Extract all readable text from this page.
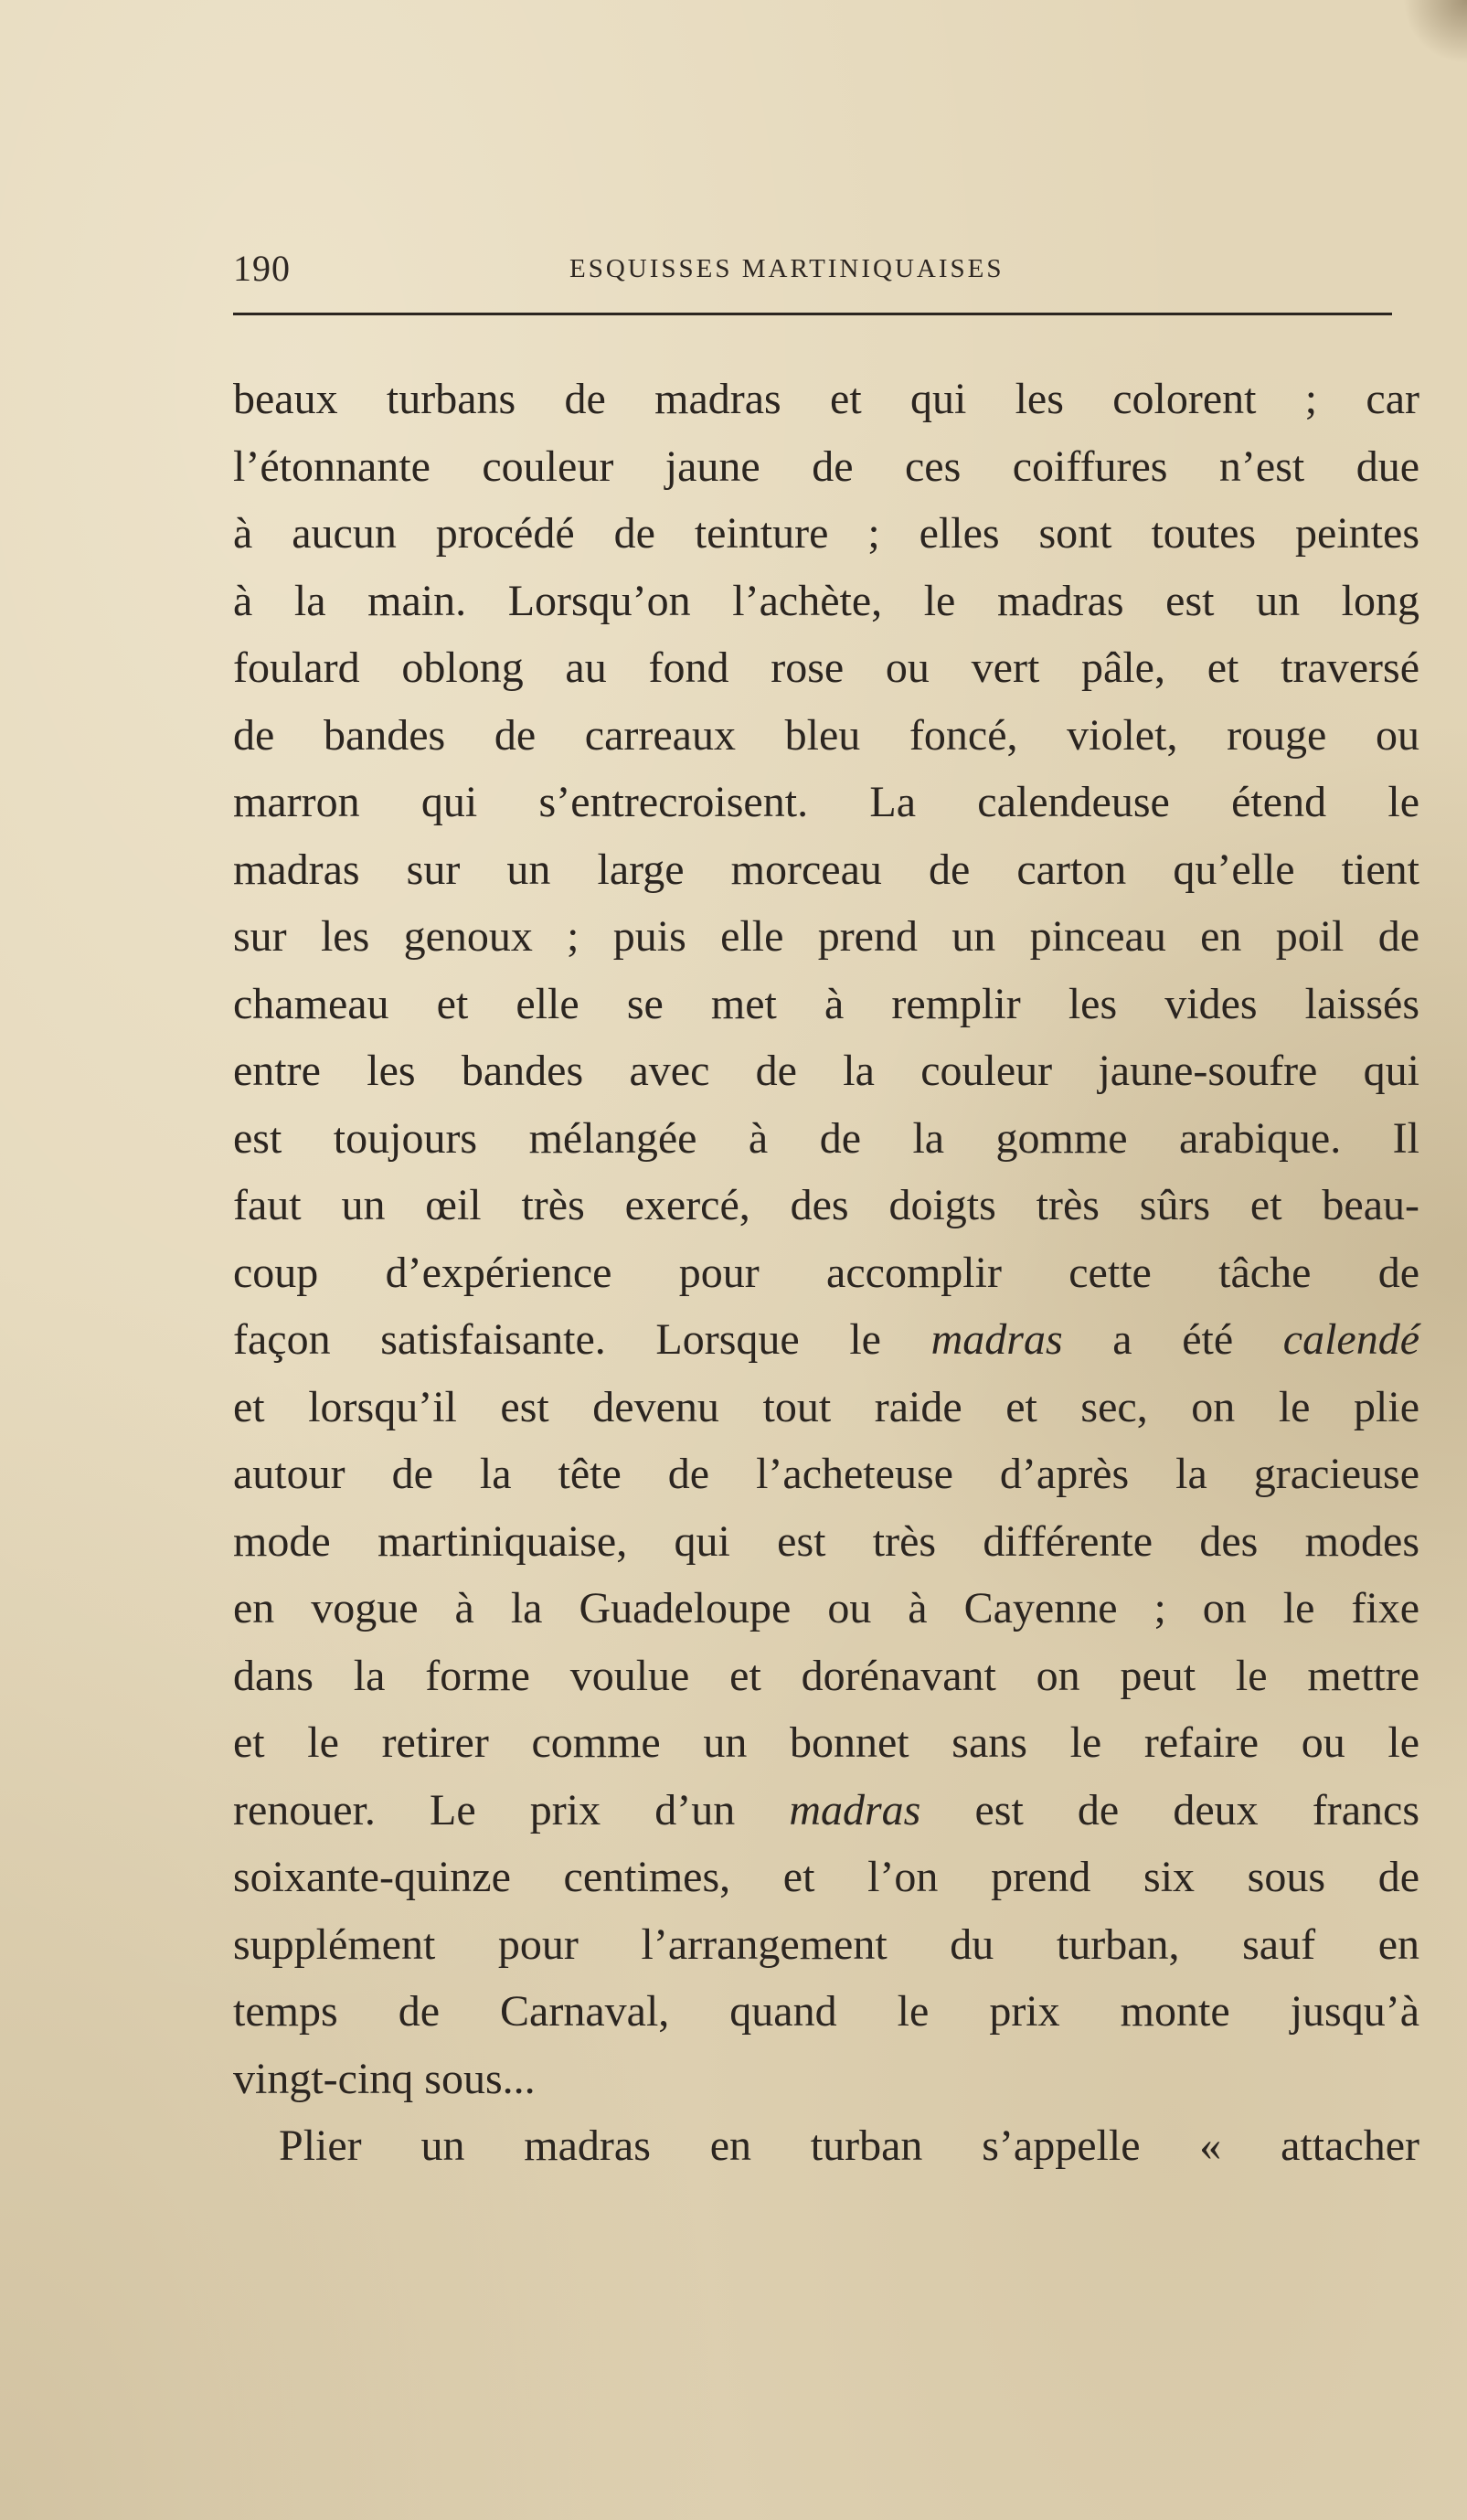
190	ESQUISSES MARTINIQUAISES
beaux turbans de madras et qui les colorent ; car
l’étonnante couleur jaune de ces coiffures n’est due
à aucun procédé de teinture ; elles sont toutes peintes
à la main. Lorsqu’on l’achète, le madras est un long
foulard oblong au fond rose ou vert pâle, et traversé
de bandes de carreaux bleu foncé, violet, rouge ou
marron qui s’entrecroisent. La calendeuse étend le
madras sur un large morceau de carton qu’elle tient
sur les genoux ; puis elle prend un pinceau en poil de
chameau et elle se met à remplir les vides laissés
entre les bandes avec de la couleur jaune-soufre qui
est toujours mélangée à de la gomme arabique. Il
faut un œil très exercé, des doigts très sûrs et beau-
coup d’expérience pour accomplir cette tâche de
façon satisfaisante. Lorsque le madras a été calendé
et lorsqu’il est devenu tout raide et sec, on le plie
autour de la tête de l’acheteuse d’après la gracieuse
mode martiniquaise, qui est très différente des modes
en vogue à la Guadeloupe ou à Cayenne ; on le fixe
dans la forme voulue et dorénavant on peut le mettre
et le retirer comme un bonnet sans le refaire ou le
renouer. Le prix d’un madras est de deux francs
soixante-quinze centimes, et l’on prend six sous de
supplément pour l’arrangement du turban, sauf en
temps de Carnaval, quand le prix monte jusqu’à
vingt-cinq sous...
Plier un madras en turban s’appelle « attacher
